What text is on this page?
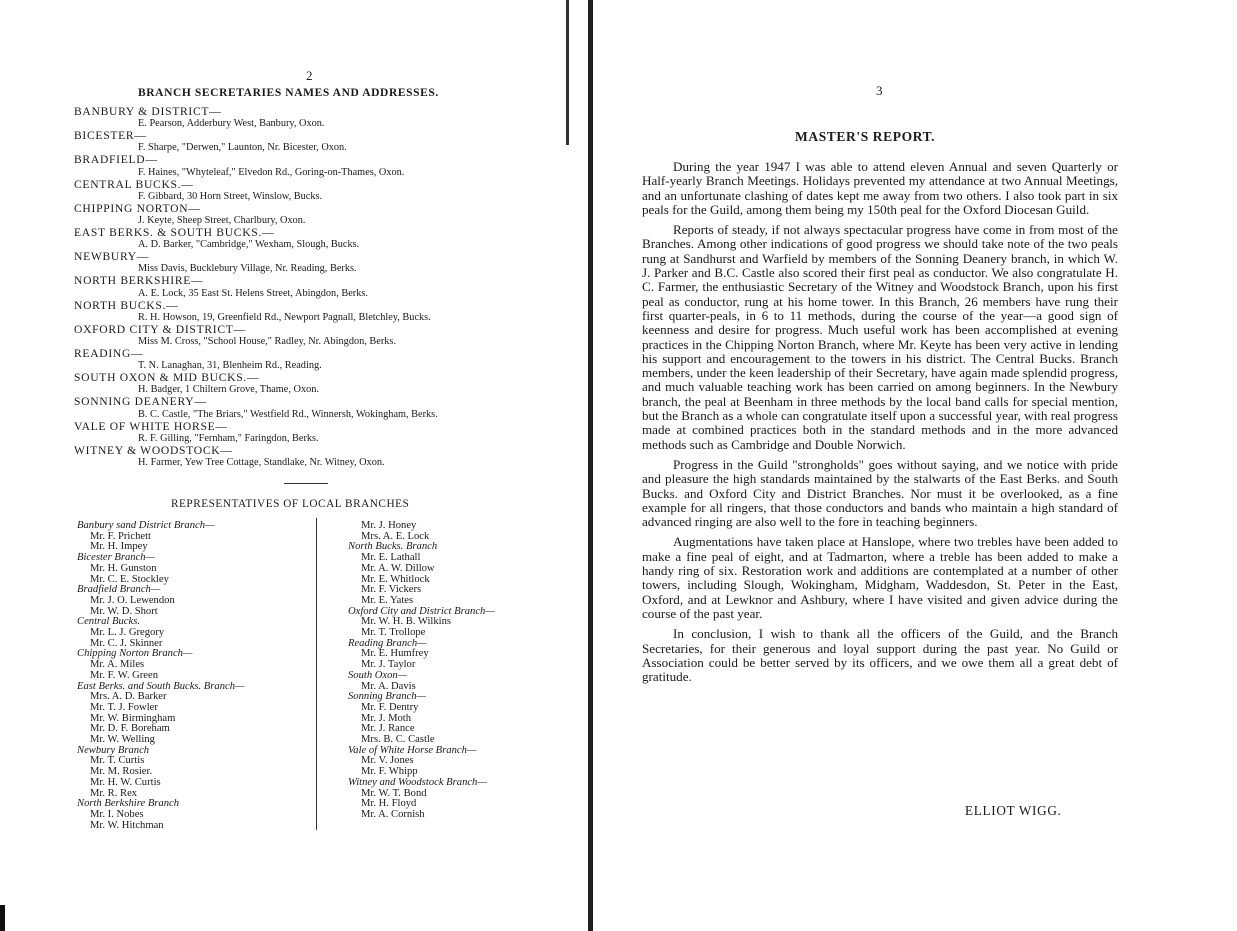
2
BRANCH SECRETARIES NAMES AND ADDRESSES.
BANBURY & DISTRICT—
E. Pearson, Adderbury West, Banbury, Oxon.
BICESTER—
F. Sharpe, "Derwen," Launton, Nr. Bicester, Oxon.
BRADFIELD—
F. Haines, "Whyteleaf," Elvedon Rd., Goring-on-Thames, Oxon.
CENTRAL BUCKS.—
F. Gibbard, 30 Horn Street, Winslow, Bucks.
CHIPPING NORTON—
J. Keyte, Sheep Street, Charlbury, Oxon.
EAST BERKS. & SOUTH BUCKS.—
A. D. Barker, "Cambridge," Wexham, Slough, Bucks.
NEWBURY—
Miss Davis, Bucklebury Village, Nr. Reading, Berks.
NORTH BERKSHIRE—
A. E. Lock, 35 East St. Helens Street, Abingdon, Berks.
NORTH BUCKS.—
R. H. Howson, 19, Greenfield Rd., Newport Pagnall, Bletchley, Bucks.
OXFORD CITY & DISTRICT—
Miss M. Cross, "School House," Radley, Nr. Abingdon, Berks.
READING—
T. N. Lanaghan, 31, Blenheim Rd., Reading.
SOUTH OXON & MID BUCKS.—
H. Badger, 1 Chiltern Grove, Thame, Oxon.
SONNING DEANERY—
B. C. Castle, "The Briars," Westfield Rd., Winnersh, Wokingham, Berks.
VALE OF WHITE HORSE—
R. F. Gilling, "Fernham," Faringdon, Berks.
WITNEY & WOODSTOCK—
H. Farmer, Yew Tree Cottage, Standlake, Nr. Witney, Oxon.
REPRESENTATIVES OF LOCAL BRANCHES
Banbury sand District Branch—
Mr. F. Prichett
Mr. H. Impey
Bicester Branch—
Mr. H. Gunston
Mr. C. E. Stockley
Bradfield Branch—
Mr. J. O. Lewendon
Mr. W. D. Short
Central Bucks.
Mr. L. J. Gregory
Mr. C. J. Skinner
Chipping Norton Branch—
Mr. A. Miles
Mr. F. W. Green
East Berks. and South Bucks. Branch—
Mrs. A. D. Barker
Mr. T. J. Fowler
Mr. W. Birmingham
Mr. D. F. Boreham
Mr. W. Welling
Newbury Branch
Mr. T. Curtis
Mr. M. Rosier.
Mr. H. W. Curtis
Mr. R. Rex
North Berkshire Branch
Mr. I. Nobes
Mr. W. Hitchman
Mr. J. Honey
Mrs. A. E. Lock
North Bucks. Branch
Mr. E. Lathall
Mr. A. W. Dillow
Mr. E. Whitlock
Mr. F. Vickers
Mr. E. Yates
Oxford City and District Branch—
Mr. W. H. B. Wilkins
Mr. T. Trollope
Reading Branch—
Mr. E. Humfrey
Mr. J. Taylor
South Oxon—
Mr. A. Davis
Sonning Branch—
Mr. F. Dentry
Mr. J. Moth
Mr. J. Rance
Mrs. B. C. Castle
Vale of White Horse Branch—
Mr. V. Jones
Mr. F. Whipp
Witney and Woodstock Branch—
Mr. W. T. Bond
Mr. H. Floyd
Mr. A. Cornish
3
MASTER'S REPORT.

During the year 1947 I was able to attend eleven Annual and seven Quarterly or Half-yearly Branch Meetings. Holidays prevented my attendance at two Annual Meetings, and an unfortunate clashing of dates kept me away from two others. I also took part in six peals for the Guild, among them being my 150th peal for the Oxford Diocesan Guild.

Reports of steady, if not always spectacular progress have come in from most of the Branches. Among other indications of good progress we should take note of the two peals rung at Sandhurst and Warfield by members of the Sonning Deanery branch, in which W. J. Parker and B.C. Castle also scored their first peal as conductor. We also congratulate H. C. Farmer, the enthusiastic Secretary of the Witney and Woodstock Branch, upon his first peal as conductor, rung at his home tower. In this Branch, 26 members have rung their first quarter-peals, in 6 to 11 methods, during the course of the year—a good sign of keenness and desire for progress. Much useful work has been accomplished at evening practices in the Chipping Norton Branch, where Mr. Keyte has been very active in lending his support and encouragement to the towers in his district. The Central Bucks. Branch members, under the keen leadership of their Secretary, have again made splendid progress, and much valuable teaching work has been carried on among beginners. In the Newbury branch, the peal at Beenham in three methods by the local band calls for special mention, but the Branch as a whole can congratulate itself upon a successful year, with real progress made at combined practices both in the standard methods and in the more advanced methods such as Cambridge and Double Norwich.

Progress in the Guild "strongholds" goes without saying, and we notice with pride and pleasure the high standards maintained by the stalwarts of the East Berks. and South Bucks. and Oxford City and District Branches. Nor must it be overlooked, as a fine example for all ringers, that those conductors and bands who maintain a high standard of advanced ringing are also well to the fore in teaching beginners.

Augmentations have taken place at Hanslope, where two trebles have been added to make a fine peal of eight, and at Tadmarton, where a treble has been added to make a handy ring of six. Restoration work and additions are contemplated at a number of other towers, including Slough, Wokingham, Midgham, Waddesdon, St. Peter in the East, Oxford, and at Lewknor and Ashbury, where I have visited and given advice during the course of the past year.

In conclusion, I wish to thank all the officers of the Guild, and the Branch Secretaries, for their generous and loyal support during the past year. No Guild or Association could be better served by its officers, and we owe them all a great debt of gratitude.

ELLIOT WIGG.
